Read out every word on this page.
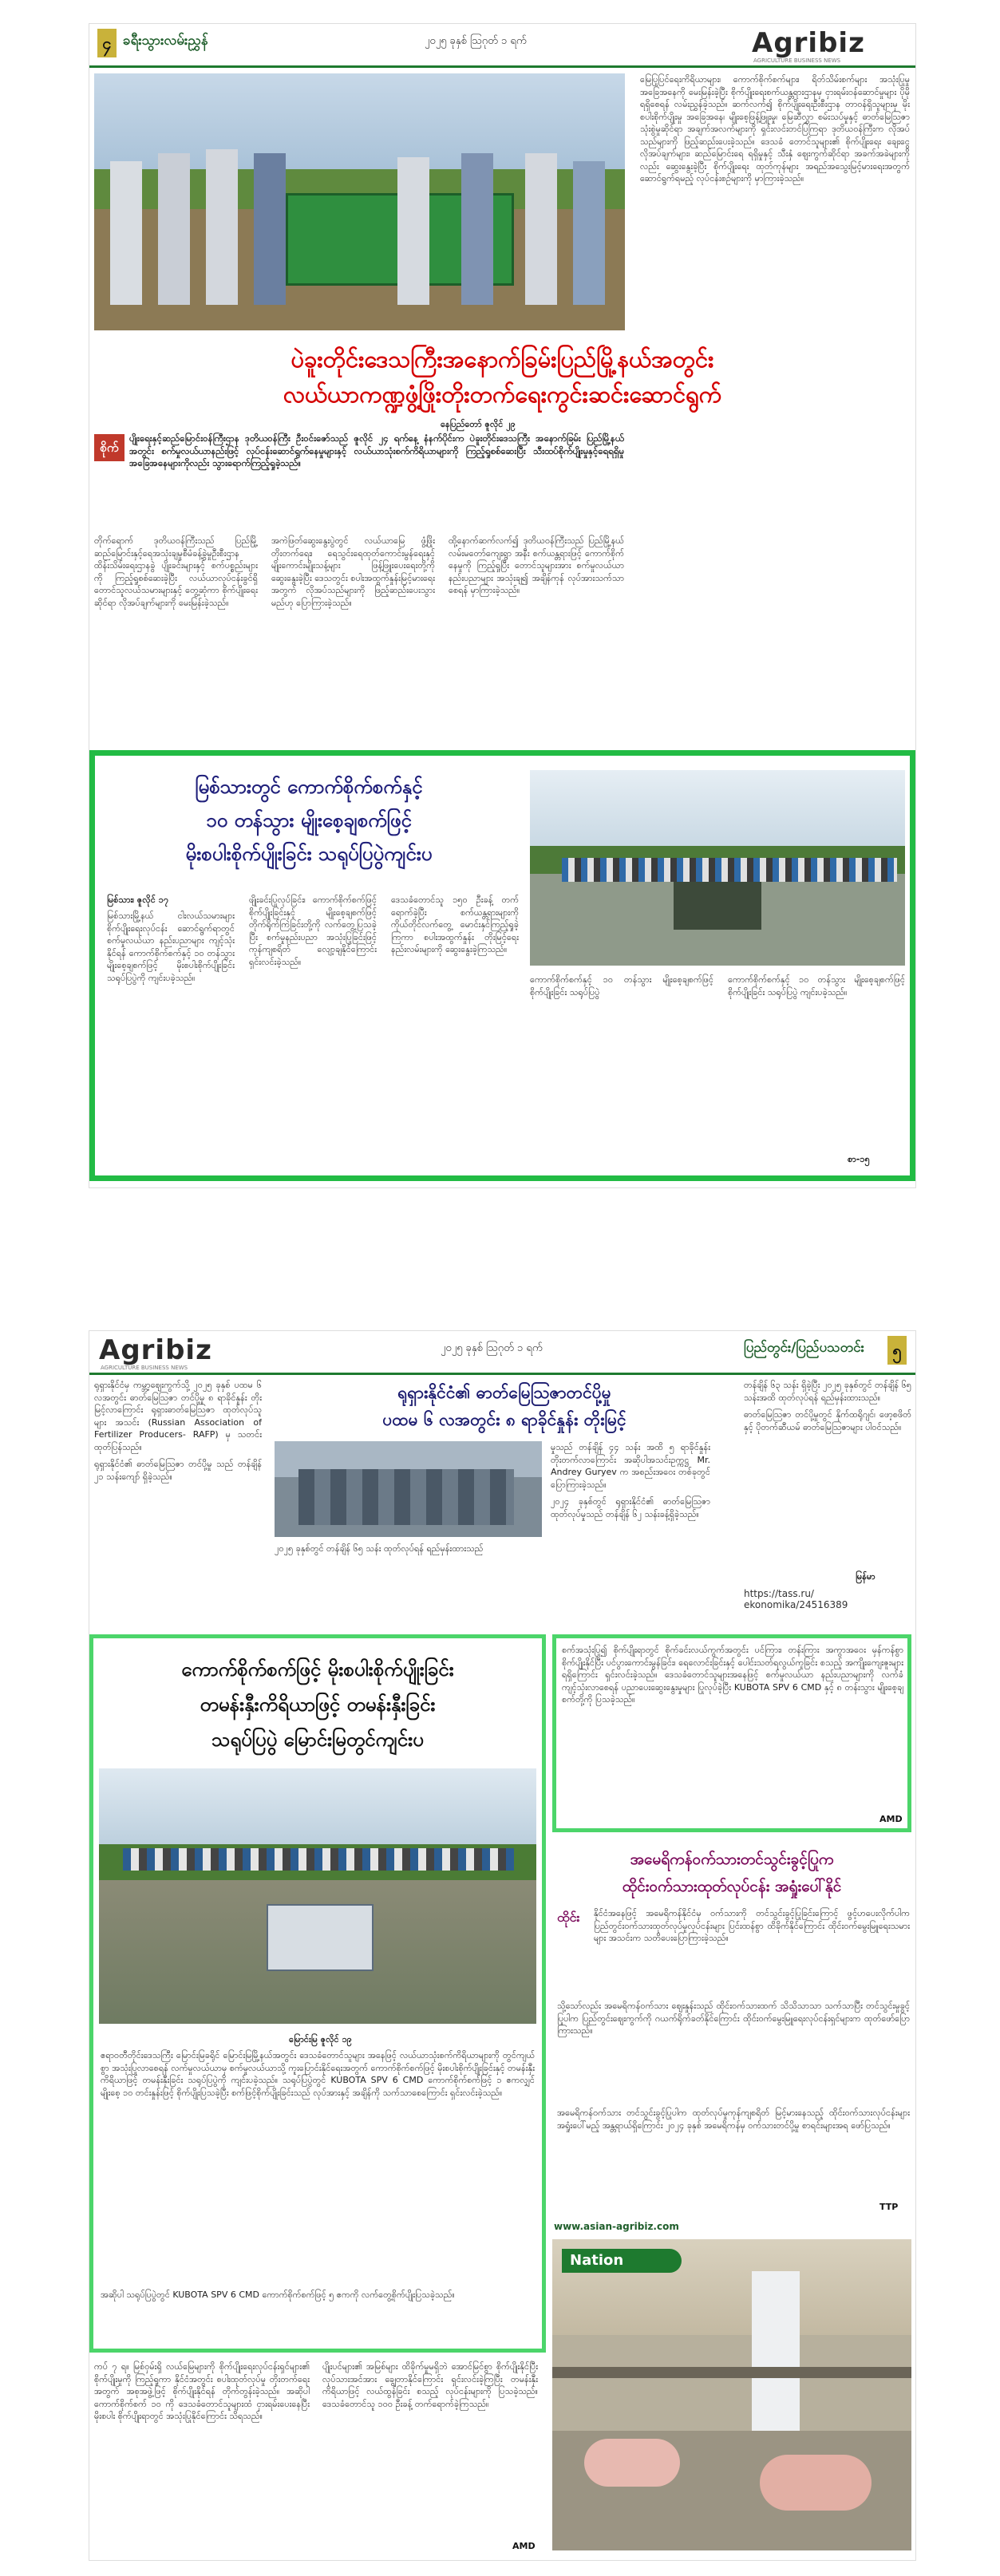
၄ ခရီးသွားလမ်းညွှန်	၂၀၂၅ ခုနှစ် ဩဂုတ် ၁ ရက်	Agribiz
AGRICULTURE BUSINESS NEWS
ပဲခူးတိုင်းဒေသကြီးအနောက်ခြမ်းပြည်မြို့နယ်အတွင်း
လယ်ယာကဏ္ဍဖွံ့ဖြိုးတိုးတက်ရေးကွင်းဆင်းဆောင်ရွက်
နေပြည်တော် ဇူလိုင် ၂၉
စိုက်
ပျိုးရေးနှင့်ဆည်မြောင်းဝန်ကြီးဌာန ဒုတိယဝန်ကြီး ဦးဝင်းဇော်သည် ဇူလိုင် ၂၄ ရက်နေ့ နံနက်ပိုင်းက ပဲခူးတိုင်းဒေသကြီး အနောက်ခြမ်း ပြည်မြို့နယ်အတွင်း စက်မှုလယ်ယာနည်းဖြင့် လုပ်ငန်းဆောင်ရွက်နေမှုများနှင့် လယ်ယာသုံးစက်ကိရိယာများကို ကြည့်ရှုစစ်ဆေးပြီး သီးထပ်စိုက်ပျိုးမှုနှင့်ရေရရှိမှု အခြေအနေများကိုလည်း သွားရောက်ကြည့်ရှုခဲ့သည်။
တိုက်ရောက် ဒုတိယဝန်ကြီးသည် ပြည်မြို့ ဆည်မြောင်းနှင့်ရေအသုံးချမှုစီမံခန့်ခွဲမှုဦးစီးဌာန ထိန်းသိမ်းရေးဌာနခွဲ ပျိုးခင်းများနှင့် စက်ပစ္စည်းများကို ကြည့်ရှုစစ်ဆေးခဲ့ပြီး လယ်ယာလုပ်ငန်းခွင်ရှိ တောင်သူလယ်သမားများနှင့် တွေ့ဆုံကာ စိုက်ပျိုးရေးဆိုင်ရာ လိုအပ်ချက်များကို မေးမြန်းခဲ့သည်။
အကဲဖြတ်ဆွေးနွေးပွဲတွင် လယ်ယာမြေ ဖွံ့ဖြိုးတိုးတက်ရေး၊ ရေသွင်းရေထုတ်ကောင်းမွန်ရေးနှင့် မျိုးကောင်းမျိုးသန့်များ ဖြန့်ဖြူးပေးရေးတို့ကို ဆွေးနွေးခဲ့ပြီး ဒေသတွင်း စပါးအထွက်နှုန်းမြင့်မားရေး အတွက် လိုအပ်သည်များကို ဖြည့်ဆည်းပေးသွားမည်ဟု ပြောကြားခဲ့သည်။
ထို့နောက်ဆက်လက်၍ ဒုတိယဝန်ကြီးသည် ပြည်မြို့နယ် လမ်းမတော်ကျေးရွာ အနီး စက်ယန္တရားဖြင့် ကောက်စိုက်နေမှုကို ကြည့်ရှုပြီး တောင်သူများအား စက်မှုလယ်ယာ နည်းပညာများ အသုံးချ၍ အချိန်ကုန် လုပ်အားသက်သာစေရန် မှာကြားခဲ့သည်။
မြေပြုပြင်ရေးကိရိယာများ၊ ကောက်စိုက်စက်များ၊ ရိတ်သိမ်းစက်များ အသုံးပြုမှု အခြေအနေကို မေးမြန်းခဲ့ပြီး စိုက်ပျိုးရေးစက်ယန္တရားဌာနမှ ငှားရမ်းဝန်ဆောင်မှုများ ပိုမိုရရှိစေရန် လမ်းညွှန်ခဲ့သည်။ ဆက်လက်၍ စိုက်ပျိုးရေးဦးစီးဌာန တာဝန်ရှိသူများမှ မိုးစပါးစိုက်ပျိုးမှု အခြေအနေ၊ မျိုးစေ့ဖြန့်ဖြူးမှု၊ မြေဆီလွှာ စမ်းသပ်မှုနှင့် ဓာတ်မြေဩဇာ သုံးစွဲမှုဆိုင်ရာ အချက်အလက်များကို ရှင်းလင်းတင်ပြကြရာ ဒုတိယဝန်ကြီးက လိုအပ်သည်များကို ဖြည့်ဆည်းပေးခဲ့သည်။ ဒေသခံ တောင်သူများ၏ စိုက်ပျိုးရေး ချေးငွေလိုအပ်ချက်များ၊ ဆည်မြောင်းရေ ရရှိမှုနှင့် သီးနှံ ဈေးကွက်ဆိုင်ရာ အခက်အခဲများကိုလည်း ဆွေးနွေးခဲ့ပြီး စိုက်ပျိုးရေး ထုတ်ကုန်များ အရည်အသွေးမြင့်မားရေးအတွက် ဆောင်ရွက်ရမည့် လုပ်ငန်းစဉ်များကို မှာကြားခဲ့သည်။
မြစ်သားတွင် ကောက်စိုက်စက်နှင့်
၁၀ တန်သွား မျိုးစေ့ချစက်ဖြင့်
မိုးစပါးစိုက်ပျိုးခြင်း သရုပ်ပြပွဲကျင်းပ
မြစ်သား၊ ဇူလိုင် ၁၇
မြစ်သားမြို့နယ် ငါးလယ်သမားများ စိုက်ပျိုးရေးလုပ်ငန်း ဆောင်ရွက်ရာတွင် စက်မှုလယ်ယာ နည်းပညာများ ကျင့်သုံးနိုင်ရန် ကောက်စိုက်စက်နှင့် ၁၀ တန်သွား မျိုးစေ့ချစက်ဖြင့် မိုးစပါးစိုက်ပျိုးခြင်း သရုပ်ပြပွဲကို ကျင်းပခဲ့သည်။
ဖျိုးခင်းပြုလုပ်ခြင်း၊ ကောက်စိုက်စက်ဖြင့် စိုက်ပျိုးခြင်းနှင့် မျိုးစေ့ချစက်ဖြင့် တိုက်ရိုက်ကြဲခြင်းတို့ကို လက်တွေ့ပြသခဲ့ပြီး စက်မှုနည်းပညာ အသုံးပြုခြင်းဖြင့် ကုန်ကျစရိတ် လျော့ချနိုင်ကြောင်း ရှင်းလင်းခဲ့သည်။
ဒေသခံတောင်သူ ၁၅၀ ဦးခန့် တက်ရောက်ခဲ့ပြီး စက်ယန္တရားများကို ကိုယ်တိုင်လက်တွေ့ မောင်းနှင်ကြည့်ရှုခဲ့ကြကာ စပါးအထွက်နှုန်း တိုးမြင့်ရေး နည်းလမ်းများကို ဆွေးနွေးခဲ့ကြသည်။
ကောက်စိုက်စက်နှင့် ၁၀ တန်သွား မျိုးစေ့ချစက်ဖြင့် စိုက်ပျိုးခြင်း သရုပ်ပြပွဲ
ကောက်စိုက်စက်နှင့် ၁၀ တန်သွား မျိုးစေ့ချစက်ဖြင့် စိုက်ပျိုးခြင်း သရုပ်ပြပွဲ ကျင်းပခဲ့သည်။
စာ-၁၅
Agribiz
AGRICULTURE BUSINESS NEWS
၂၀၂၅ ခုနှစ် ဩဂုတ် ၁ ရက်	ပြည်တွင်း/ပြည်ပသတင်း	၅
ရုရှားနိုင်ငံ၏ ဓာတ်မြေဩဇာတင်ပို့မှု
ပထမ ၆ လအတွင်း ၈ ရာခိုင်နှုန်း တိုးမြင့်
ရုရှားနိုင်ငံမှ ကမ္ဘာ့ဈေးကွက်သို့ ၂၀၂၅ ခုနှစ် ပထမ ၆ လအတွင်း ဓာတ်မြေဩဇာ တင်ပို့မှု ၈ ရာခိုင်နှုန်း တိုးမြင့်လာကြောင်း ရုရှားဓာတ်မြေဩဇာ ထုတ်လုပ်သူများ အသင်း (Russian Association of Fertilizer Producers- RAFP) မှ သတင်းထုတ်ပြန်သည်။
ရုရှားနိုင်ငံ၏ ဓာတ်မြေဩဇာ တင်ပို့မှု သည် တန်ချိန် ၂၁ သန်းကျော် ရှိခဲ့သည်။
၂၀၂၅ ခုနှစ်တွင် တန်ချိန် ၆၅ သန်း ထုတ်လုပ်ရန် ရည်မှန်းထားသည်
မှုသည် တန်ချိန် ၄၄ သန်း အထိ ၅ ရာခိုင်နှုန်း တိုးတက်လာကြောင်း အဆိုပါအသင်းဥက္ကဋ္ဌ Mr. Andrey Guryev က အစည်းအဝေး တစ်ခုတွင် ပြောကြားခဲ့သည်။
၂၀၂၄ ခုနှစ်တွင် ရုရှားနိုင်ငံ၏ ဓာတ်မြေဩဇာ ထုတ်လုပ်မှုသည် တန်ချိန် ၆၂ သန်းခန့်ရှိခဲ့သည်။
တန်ချိန် ၆၃ သန်း ရှိခဲ့ပြီး ၂၀၂၅ ခုနှစ်တွင် တန်ချိန် ၆၅ သန်းအထိ ထုတ်လုပ်ရန် ရည်မှန်းထားသည်။
ဓာတ်မြေဩဇာ တင်ပို့မှုတွင် နိုက်ထရိုဂျင်၊ ဖော့စဖိတ်နှင့် ပိုတက်ဆီယမ် ဓာတ်မြေဩဇာများ ပါဝင်သည်။
မြန်မာ
https://tass.ru/
ekonomika/24516389
ကောက်စိုက်စက်ဖြင့် မိုးစပါးစိုက်ပျိုးခြင်း
တမန်းနှီးကိရိယာဖြင့် တမန်းနှီးခြင်း
သရုပ်ပြပွဲ မြောင်းမြတွင်ကျင်းပ
မြောင်းမြ ဇူလိုင် ၁၉
ဧရာဝတီတိုင်းဒေသကြီး မြောင်းမြခရိုင် မြောင်းမြမြို့နယ်အတွင်း ဒေသခံတောင်သူများ အနေဖြင့် လယ်ယာသုံးစက်ကိရိယာများကို တွင်ကျယ်စွာ အသုံးပြုလာစေရန် လက်မှုလယ်ယာမှ စက်မှုလယ်ယာသို့ ကူးပြောင်းနိုင်ရေးအတွက် ကောက်စိုက်စက်ဖြင့် မိုးစပါးစိုက်ပျိုးခြင်းနှင့် တမန်းနှီးကိရိယာဖြင့် တမန်းနှီးခြင်း သရုပ်ပြပွဲကို ကျင်းပခဲ့သည်။ သရုပ်ပြပွဲတွင် KUBOTA SPV 6 CMD ကောက်စိုက်စက်ဖြင့် ၁ ဧကလျှင် မျိုးစေ့ ၁၀ တင်းနှုန်းဖြင့် စိုက်ပျိုးပြသခဲ့ပြီး စက်ဖြင့်စိုက်ပျိုးခြင်းသည် လုပ်အားနှင့် အချိန်ကို သက်သာစေကြောင်း ရှင်းလင်းခဲ့သည်။
အဆိုပါ သရုပ်ပြပွဲတွင် KUBOTA SPV 6 CMD ကောက်စိုက်စက်ဖြင့် ၅ ဧကကို လက်တွေ့စိုက်ပျိုးပြသခဲ့သည်။
စက်အသုံးပြု၍ စိုက်ပျိုးရာတွင် စိုက်ခင်းလယ်ကွက်အတွင်း ပင်ကြား၊ တန်းကြား အကွာအဝေး မှန်ကန်စွာ စိုက်ပျိုးနိုင်ပြီး ပင်ပွားကောင်းမွန်ခြင်း၊ ရေလောင်းခြင်းနှင့် ပေါင်းသတ်ရလွယ်ကူခြင်း စသည့် အကျိုးကျေးဇူးများရရှိကြောင်း ရှင်းလင်းခဲ့သည်။ ဒေသခံတောင်သူများအနေဖြင့် စက်မှုလယ်ယာ နည်းပညာများကို လက်ခံကျင့်သုံးလာစေရန် ပညာပေးဆွေးနွေးမှုများ ပြုလုပ်ခဲ့ပြီး KUBOTA SPV 6 CMD နှင့် ၈ တန်းသွား မျိုးစေ့ချစက်တို့ကို ပြသခဲ့သည်။
AMD
အမေရိကန်ဝက်သားတင်သွင်းခွင့်ပြုက
ထိုင်းဝက်သားထုတ်လုပ်ငန်း အရှုံးပေါ်နိုင်
ထိုင်း	နိုင်ငံအနေဖြင့် အမေရိကန်နိုင်ငံမှ ဝက်သားကို တင်သွင်းခွင့်ပြုခြင်းကြောင့် ဖွင့်ဟပေးလိုက်ပါက ပြည်တွင်းဝက်သားထုတ်လုပ်မှုလုပ်ငန်းများ ပြင်းထန်စွာ ထိခိုက်နိုင်ကြောင်း ထိုင်းဝက်မွေးမြူရေးသမားများ အသင်းက သတိပေးပြောကြားခဲ့သည်။
သို့သော်လည်း အမေရိကန်ဝက်သား ဈေးနှုန်းသည် ထိုင်းဝက်သားထက် သိသိသာသာ သက်သာပြီး တင်သွင်းမှုခွင့်ပြုပါက ပြည်တွင်းဈေးကွက်ကို ဂယက်ရိုက်ခတ်နိုင်ကြောင်း ထိုင်းဝက်မွေးမြူရေးလုပ်ငန်းရှင်များက ထုတ်ဖော်ပြောကြားသည်။
အမေရိကန်ဝက်သား တင်သွင်းခွင့်ပြုပါက ထုတ်လုပ်မှုကုန်ကျစရိတ် မြင့်မားနေသည့် ထိုင်းဝက်သားလုပ်ငန်းများ အရှုံးပေါ်မည့် အန္တရာယ်ရှိကြောင်း ၂၀၂၄ ခုနှစ် အမေရိကန်မှ ဝက်သားတင်ပို့မှု စာရင်းများအရ ဖော်ပြသည်။
TTP
ကပ် ၇ ရ။ မြစ်ဝှမ်းရှိ လယ်မြေများကို စိုက်ပျိုးရေးလုပ်ငန်းရှင်များ၏ စိုက်ပျိုးမှုကို ကြည့်ရှုကာ နိုင်ငံအတွင်း စပါးထုတ်လုပ်မှု တိုးတက်ရေးအတွက် အစုအဖွဲ့ဖြင့် စိုက်ပျိုးနိုင်ရန် တိုက်တွန်းခဲ့သည်။ အဆိုပါ ကောက်စိုက်စက် ၁၀ ကို ဒေသခံတောင်သူများထံ ငှားရမ်းပေးနေပြီး မိုးစပါး စိုက်ပျိုးရာတွင် အသုံးပြုနိုင်ကြောင်း သိရသည်။
ပျိုးပင်များ၏ အမြစ်များ ထိခိုက်မှုမရှိဘဲ အောင်မြင်စွာ စိုက်ပျိုးနိုင်ပြီး လုပ်သားအင်အား ချွေတာနိုင်ကြောင်း ရှင်းလင်းခဲ့ကြပြီး တမန်းနှီးကိရိယာဖြင့် လယ်ထွန်ခြင်း စသည့် လုပ်ငန်းများကို ပြသခဲ့သည်။ ဒေသခံတောင်သူ ၁၀၀ ဦးခန့် တက်ရောက်ခဲ့ကြသည်။
AMD
www.asian-agribiz.com
Nation
